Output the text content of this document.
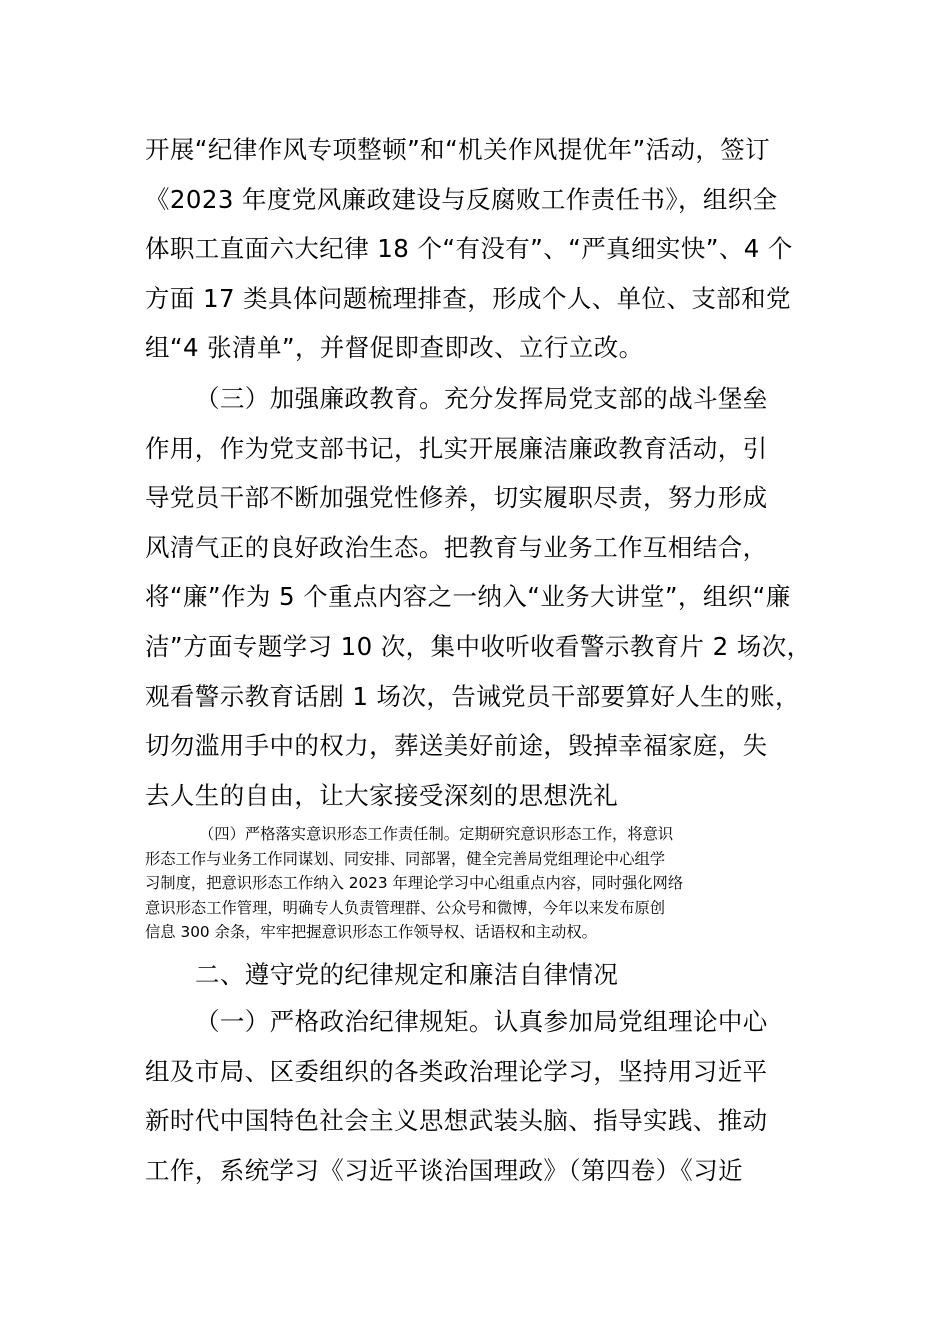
开展“纪律作风专项整顿”和“机关作风提优年”活动，签订
《2023 年度党风廉政建设与反腐败工作责任书》，组织全
体职工直面六大纪律 18 个“有没有”、“严真细实快”、4 个
方面 17 类具体问题梳理排查，形成个人、单位、支部和党
组“4 张清单”，并督促即查即改、立行立改。
（三）加强廉政教育。充分发挥局党支部的战斗堡垒
作用，作为党支部书记，扎实开展廉洁廉政教育活动，引
导党员干部不断加强党性修养，切实履职尽责，努力形成
风清气正的良好政治生态。把教育与业务工作互相结合，
将“廉”作为 5 个重点内容之一纳入“业务大讲堂”，组织“廉
洁”方面专题学习 10 次，集中收听收看警示教育片 2 场次，
观看警示教育话剧 1 场次，告诫党员干部要算好人生的账，
切勿滥用手中的权力，葬送美好前途，毁掉幸福家庭，失
去人生的自由，让大家接受深刻的思想洗礼
（四）严格落实意识形态工作责任制。定期研究意识形态工作，将意识
形态工作与业务工作同谋划、同安排、同部署，健全完善局党组理论中心组学
习制度，把意识形态工作纳入 2023 年理论学习中心组重点内容，同时强化网络
意识形态工作管理，明确专人负责管理群、公众号和微博，今年以来发布原创
信息 300 余条，牢牢把握意识形态工作领导权、话语权和主动权。
二、遵守党的纪律规定和廉洁自律情况
（一）严格政治纪律规矩。认真参加局党组理论中心
组及市局、区委组织的各类政治理论学习，坚持用习近平
新时代中国特色社会主义思想武装头脑、指导实践、推动
工作，系统学习《习近平谈治国理政》（第四卷）《习近
